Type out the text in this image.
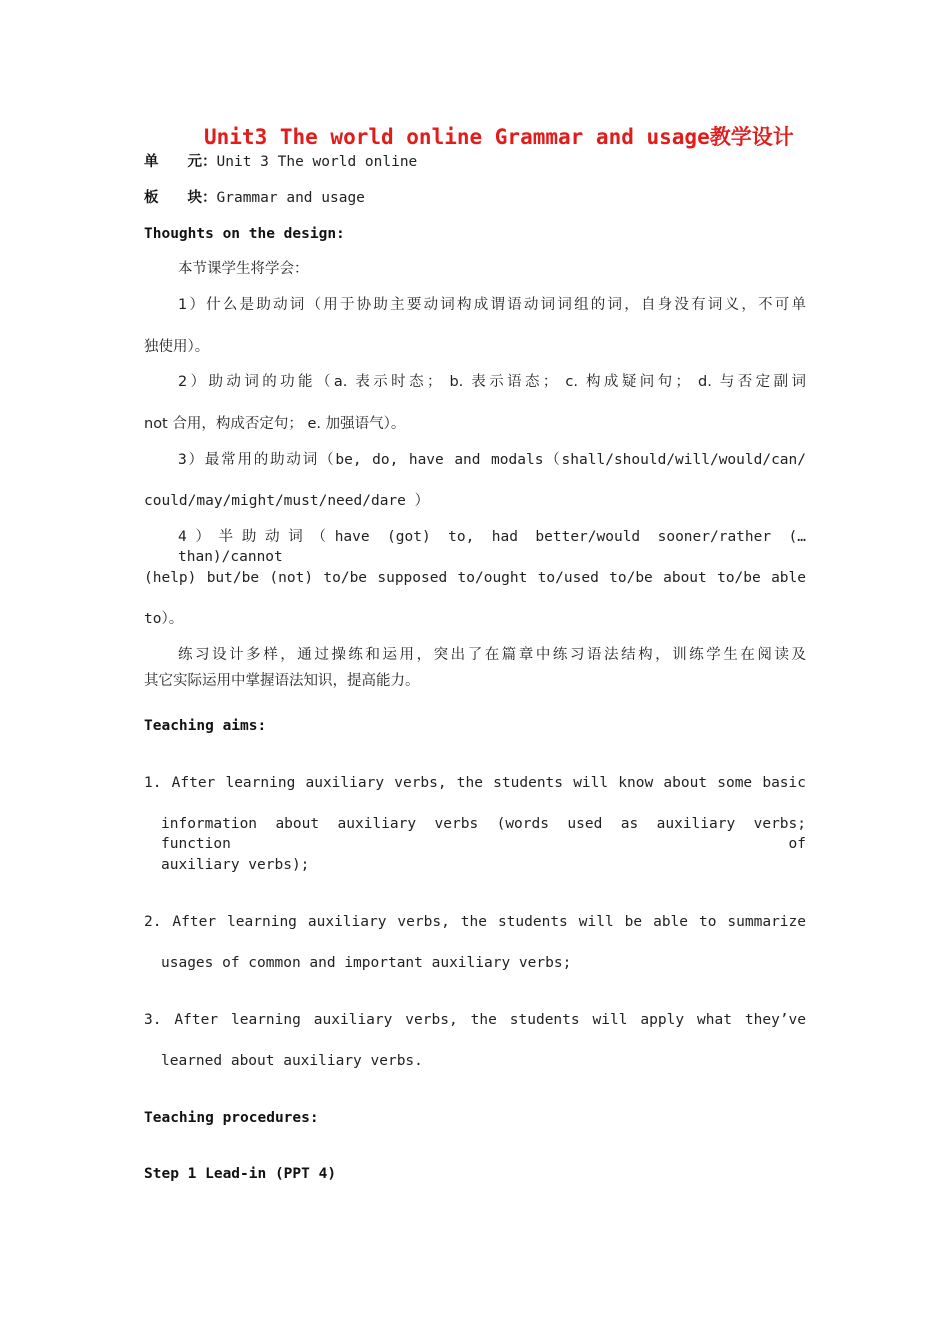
Unit3 The world online Grammar and usage教学设计
单　　元：Unit 3 The world online
板　　块：Grammar and usage
Thoughts on the design:
本节课学生将学会：
1）什么是助动词（用于协助主要动词构成谓语动词词组的词，自身没有词义，不可单
独使用）。
2）助动词的功能（a. 表示时态； b. 表示语态； c. 构成疑问句； d. 与否定副词
not 合用，构成否定句； e. 加强语气）。
3）最常用的助动词（be, do, have and modals（shall/should/will/would/can/
could/may/might/must/need/dare ）
4）半助动词（have (got) to, had better/would sooner/rather (… than)/cannot
(help) but/be (not) to/be supposed to/ought to/used to/be about to/be able
to）。
练习设计多样，通过操练和运用，突出了在篇章中练习语法结构，训练学生在阅读及
其它实际运用中掌握语法知识，提高能力。
Teaching aims:
1. After learning auxiliary verbs, the students will know about some basic
information about auxiliary verbs (words used as auxiliary verbs; function of
auxiliary verbs);
2. After learning auxiliary verbs, the students will be able to summarize
usages of common and important auxiliary verbs;
3. After learning auxiliary verbs, the students will apply what they’ve
learned about auxiliary verbs.
Teaching procedures:
Step 1 Lead-in (PPT 4)
